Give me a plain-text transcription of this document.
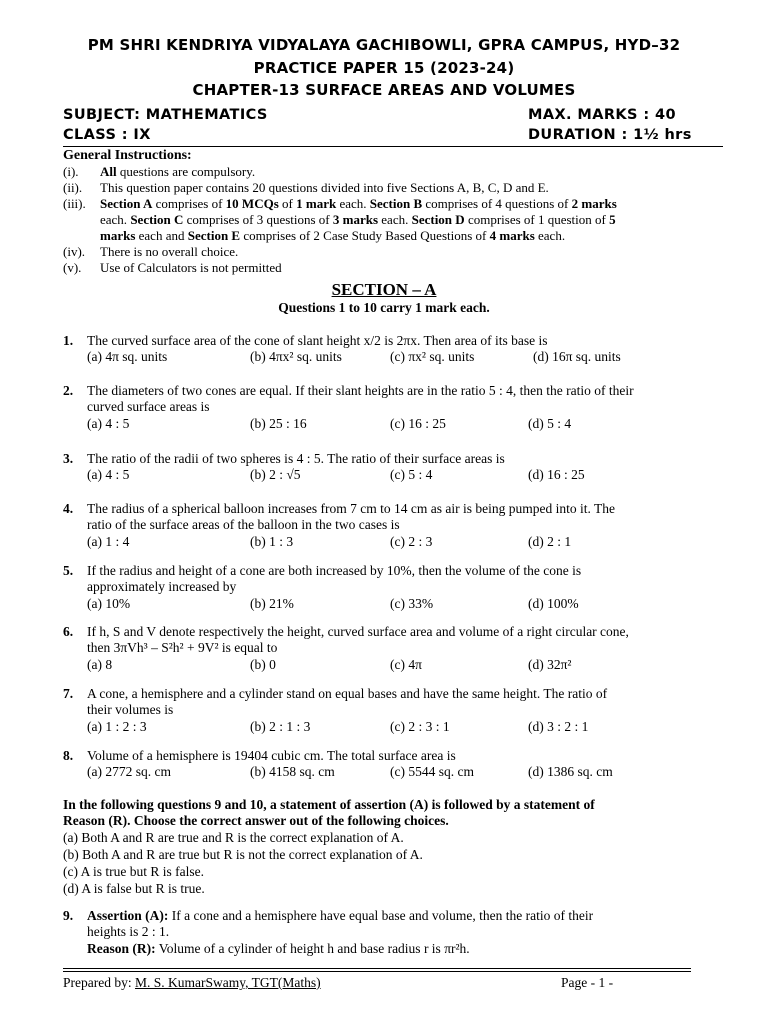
PM SHRI KENDRIYA VIDYALAYA GACHIBOWLI, GPRA CAMPUS, HYD–32
PRACTICE PAPER 15 (2023-24)
CHAPTER-13 SURFACE AREAS AND VOLUMES
SUBJECT: MATHEMATICS	MAX. MARKS : 40
CLASS : IX	DURATION : 1½ hrs
General Instructions:
(i). All questions are compulsory.
(ii). This question paper contains 20 questions divided into five Sections A, B, C, D and E.
(iii). Section A comprises of 10 MCQs of 1 mark each. Section B comprises of 4 questions of 2 marks
each. Section C comprises of 3 questions of 3 marks each. Section D comprises of 1 question of 5
marks each and Section E comprises of 2 Case Study Based Questions of 4 marks each.
(iv). There is no overall choice.
(v). Use of Calculators is not permitted
SECTION – A
Questions 1 to 10 carry 1 mark each.
1. The curved surface area of the cone of slant height x/2 is 2πx. Then area of its base is
(a) 4π sq. units	(b) 4πx² sq. units	(c) πx² sq. units	(d) 16π sq. units
2. The diameters of two cones are equal. If their slant heights are in the ratio 5 : 4, then the ratio of their
curved surface areas is
(a) 4 : 5	(b) 25 : 16	(c) 16 : 25	(d) 5 : 4
3. The ratio of the radii of two spheres is 4 : 5. The ratio of their surface areas is
(a) 4 : 5	(b) 2 : √5	(c) 5 : 4	(d) 16 : 25
4. The radius of a spherical balloon increases from 7 cm to 14 cm as air is being pumped into it. The
ratio of the surface areas of the balloon in the two cases is
(a) 1 : 4	(b) 1 : 3	(c) 2 : 3	(d) 2 : 1
5. If the radius and height of a cone are both increased by 10%, then the volume of the cone is
approximately increased by
(a) 10%	(b) 21%	(c) 33%	(d) 100%
6. If h, S and V denote respectively the height, curved surface area and volume of a right circular cone,
then 3πVh³ – S²h² + 9V² is equal to
(a) 8	(b) 0	(c) 4π	(d) 32π²
7. A cone, a hemisphere and a cylinder stand on equal bases and have the same height. The ratio of
their volumes is
(a) 1 : 2 : 3	(b) 2 : 1 : 3	(c) 2 : 3 : 1	(d) 3 : 2 : 1
8. Volume of a hemisphere is 19404 cubic cm. The total surface area is
(a) 2772 sq. cm	(b) 4158 sq. cm	(c) 5544 sq. cm	(d) 1386 sq. cm
In the following questions 9 and 10, a statement of assertion (A) is followed by a statement of
Reason (R). Choose the correct answer out of the following choices.
(a) Both A and R are true and R is the correct explanation of A.
(b) Both A and R are true but R is not the correct explanation of A.
(c) A is true but R is false.
(d) A is false but R is true.
9. Assertion (A): If a cone and a hemisphere have equal base and volume, then the ratio of their
heights is 2 : 1.
Reason (R): Volume of a cylinder of height h and base radius r is πr²h.
Prepared by: M. S. KumarSwamy, TGT(Maths)	Page - 1 -
